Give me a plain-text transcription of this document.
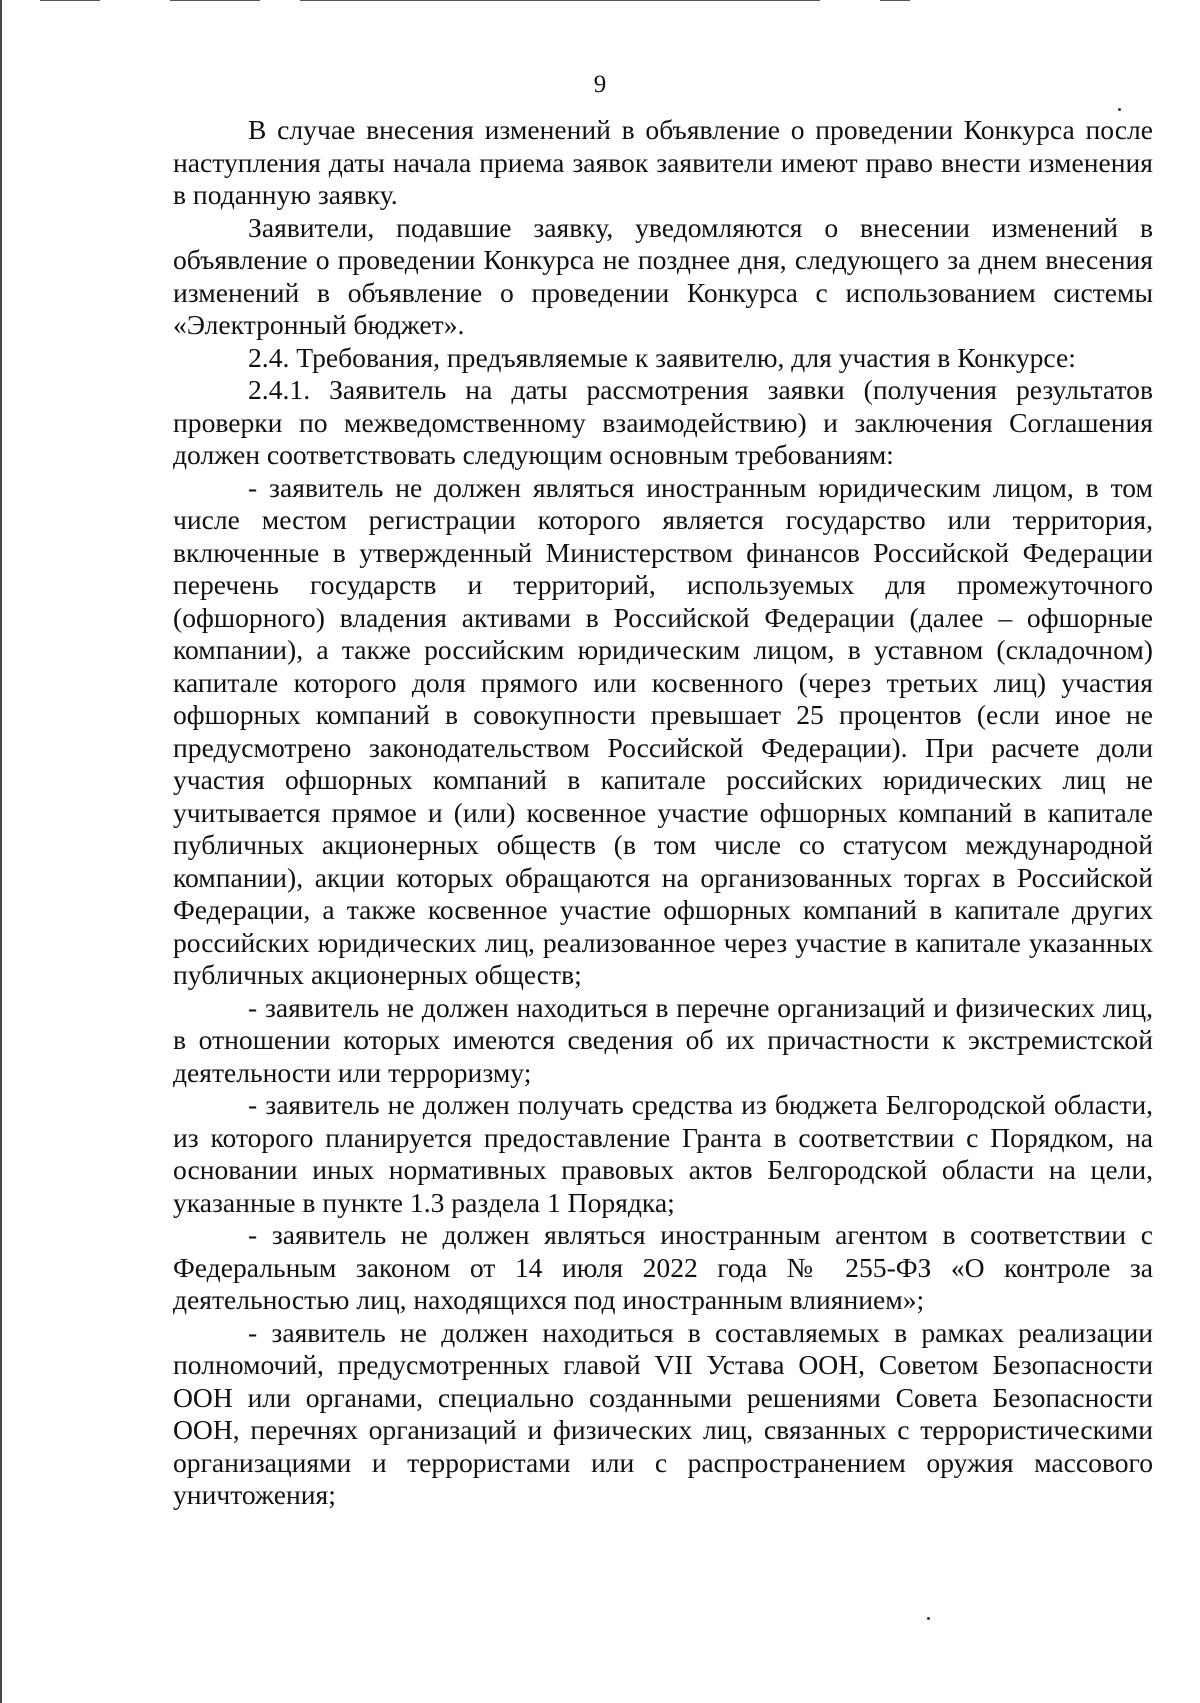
9

В случае внесения изменений в объявление о проведении Конкурса после наступления даты начала приема заявок заявители имеют право внести изменения в поданную заявку.

Заявители, подавшие заявку, уведомляются о внесении изменений в объявление о проведении Конкурса не позднее дня, следующего за днем внесения изменений в объявление о проведении Конкурса с использованием системы «Электронный бюджет».

2.4. Требования, предъявляемые к заявителю, для участия в Конкурсе:

2.4.1. Заявитель на даты рассмотрения заявки (получения результатов проверки по межведомственному взаимодействию) и заключения Соглашения должен соответствовать следующим основным требованиям:

- заявитель не должен являться иностранным юридическим лицом, в том числе местом регистрации которого является государство или территория, включенные в утвержденный Министерством финансов Российской Федерации перечень государств и территорий, используемых для промежуточного (офшорного) владения активами в Российской Федерации (далее – офшорные компании), а также российским юридическим лицом, в уставном (складочном) капитале которого доля прямого или косвенного (через третьих лиц) участия офшорных компаний в совокупности превышает 25 процентов (если иное не предусмотрено законодательством Российской Федерации). При расчете доли участия офшорных компаний в капитале российских юридических лиц не учитывается прямое и (или) косвенное участие офшорных компаний в капитале публичных акционерных обществ (в том числе со статусом международной компании), акции которых обращаются на организованных торгах в Российской Федерации, а также косвенное участие офшорных компаний в капитале других российских юридических лиц, реализованное через участие в капитале указанных публичных акционерных обществ;

- заявитель не должен находиться в перечне организаций и физических лиц, в отношении которых имеются сведения об их причастности к экстремистской деятельности или терроризму;

- заявитель не должен получать средства из бюджета Белгородской области, из которого планируется предоставление Гранта в соответствии с Порядком, на основании иных нормативных правовых актов Белгородской области на цели, указанные в пункте 1.3 раздела 1 Порядка;

- заявитель не должен являться иностранным агентом в соответствии с Федеральным законом от 14 июля 2022 года № 255-ФЗ «О контроле за деятельностью лиц, находящихся под иностранным влиянием»;

- заявитель не должен находиться в составляемых в рамках реализации полномочий, предусмотренных главой VII Устава ООН, Советом Безопасности ООН или органами, специально созданными решениями Совета Безопасности ООН, перечнях организаций и физических лиц, связанных с террористическими организациями и террористами или с распространением оружия массового уничтожения;
